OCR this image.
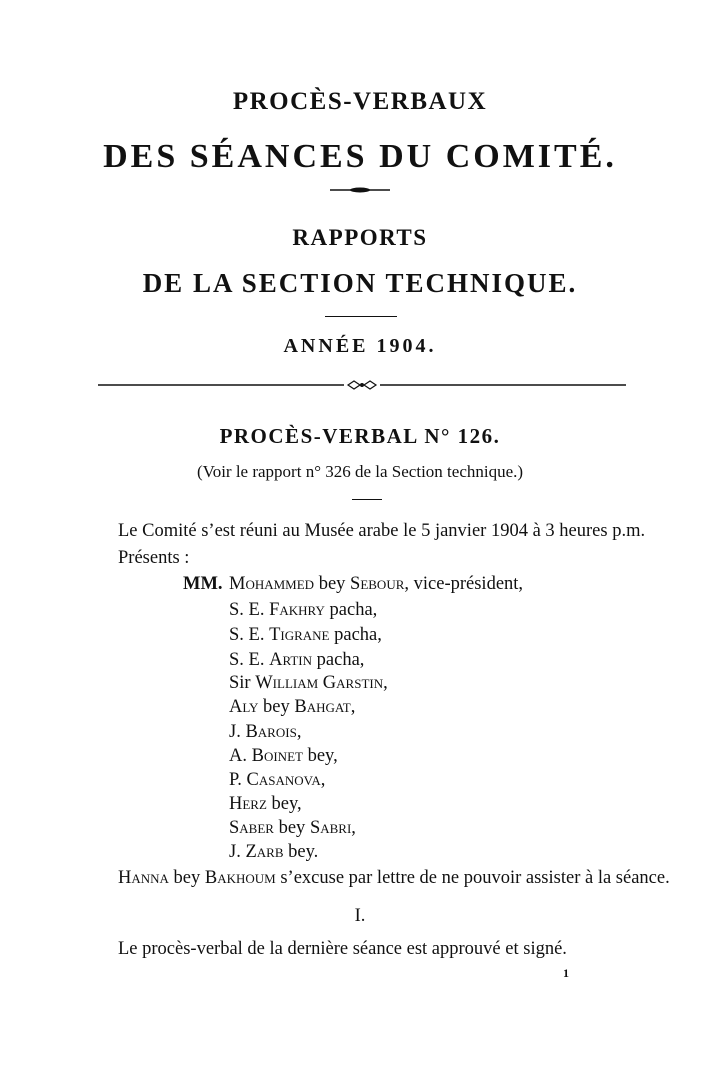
PROCÈS-VERBAUX
DES SÉANCES DU COMITÉ.
RAPPORTS
DE LA SECTION TECHNIQUE.
ANNÉE 1904.
PROCÈS-VERBAL N° 126.
(Voir le rapport n° 326 de la Section technique.)
Le Comité s’est réuni au Musée arabe le 5 janvier 1904 à 3 heures p.m.
Présents :
MM. Mohammed bey Sebour, vice-président,
S. E. Fakhry pacha,
S. E. Tigrane pacha,
S. E. Artin pacha,
Sir William Garstin,
Aly bey Bahgat,
J. Barois,
A. Boinet bey,
P. Casanova,
Herz bey,
Saber bey Sabri,
J. Zarb bey.
Hanna bey Bakhoum s’excuse par lettre de ne pouvoir assister à la séance.
I.
Le procès-verbal de la dernière séance est approuvé et signé.
1
